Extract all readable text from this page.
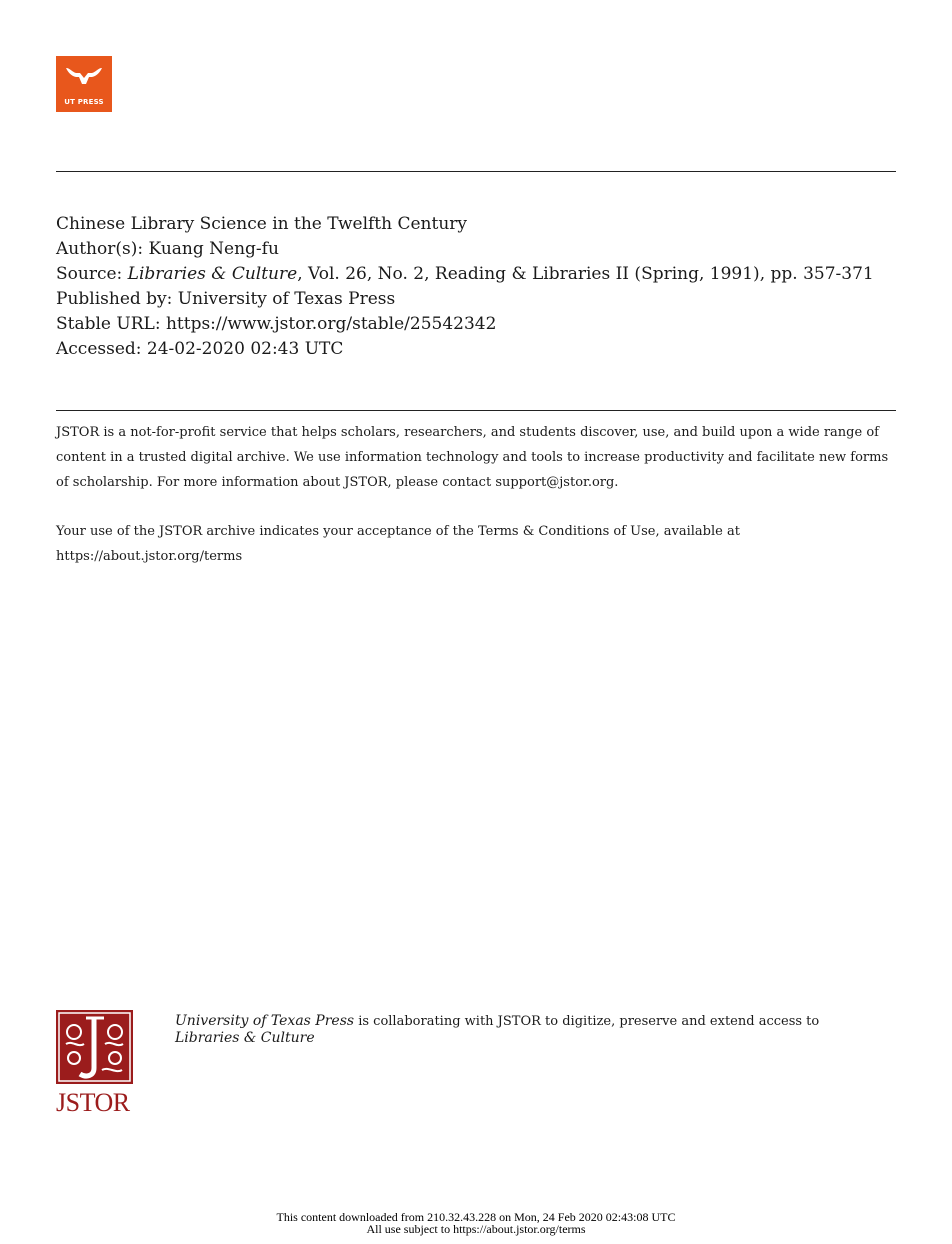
UT PRESS
Chinese Library Science in the Twelfth Century
Author(s): Kuang Neng-fu
Source: Libraries & Culture, Vol. 26, No. 2, Reading & Libraries II (Spring, 1991), pp. 357-371
Published by: University of Texas Press
Stable URL: https://www.jstor.org/stable/25542342
Accessed: 24-02-2020 02:43 UTC
JSTOR is a not-for-profit service that helps scholars, researchers, and students discover, use, and build upon a wide range of content in a trusted digital archive. We use information technology and tools to increase productivity and facilitate new forms of scholarship. For more information about JSTOR, please contact support@jstor.org.
Your use of the JSTOR archive indicates your acceptance of the Terms & Conditions of Use, available at https://about.jstor.org/terms
JSTOR
University of Texas Press is collaborating with JSTOR to digitize, preserve and extend access to Libraries & Culture
This content downloaded from 210.32.43.228 on Mon, 24 Feb 2020 02:43:08 UTC
All use subject to https://about.jstor.org/terms
